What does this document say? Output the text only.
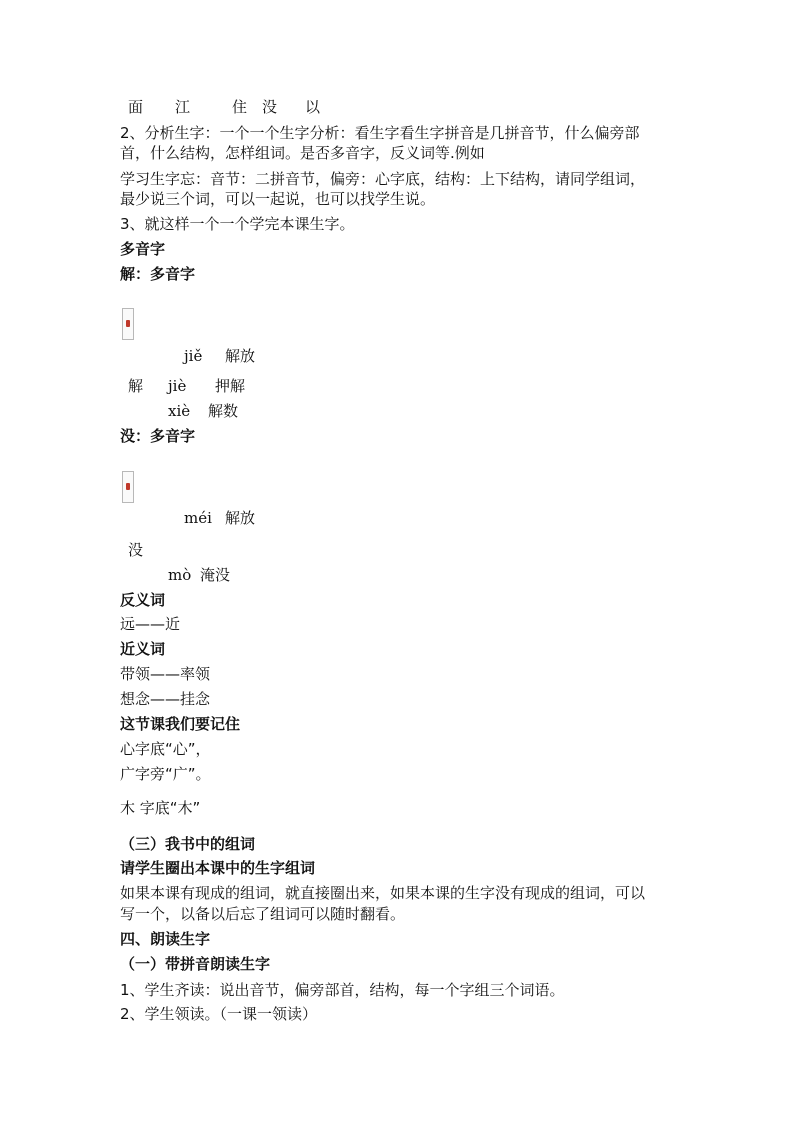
面 江	住 没 以
2、分析生字：一个一个生字分析：看生字看生字拼音是几拼音节，什么偏旁部
首，什么结构，怎样组词。是否多音字，反义词等.例如
学习生字忘：音节：二拼音节，偏旁：心字底，结构：上下结构，请同学组词，
最少说三个词，可以一起说，也可以找学生说。
3、就这样一个一个学完本课生字。
多音字
解：多音字
jiě 解放
解 jiè 押解
xiè 解数
没：多音字
méi 解放
没
mò 淹没
反义词
远——近
近义词
带领——率领
想念——挂念
这节课我们要记住
心字底“心”，
广字旁“广”。
木 字底“木”
（三）我书中的组词
请学生圈出本课中的生字组词
如果本课有现成的组词，就直接圈出来，如果本课的生字没有现成的组词，可以
写一个，以备以后忘了组词可以随时翻看。
四、朗读生字
（一）带拼音朗读生字
1、学生齐读：说出音节，偏旁部首，结构，每一个字组三个词语。
2、学生领读。（一课一领读）
